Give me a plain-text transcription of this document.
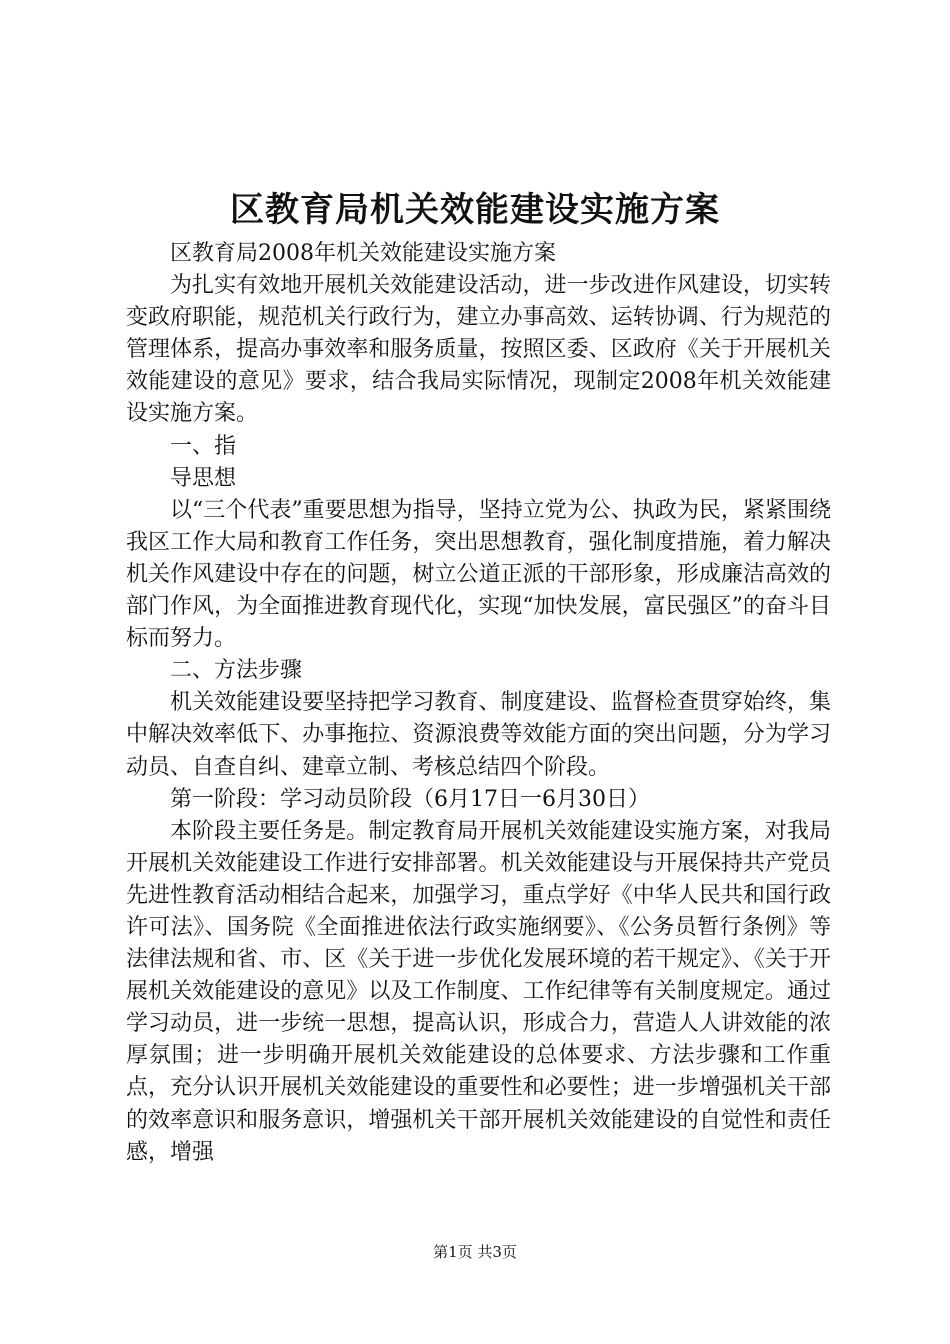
区教育局机关效能建设实施方案

区教育局2008年机关效能建设实施方案

为扎实有效地开展机关效能建设活动，进一步改进作风建设，切实转变政府职能，规范机关行政行为，建立办事高效、运转协调、行为规范的管理体系，提高办事效率和服务质量，按照区委、区政府《关于开展机关效能建设的意见》要求，结合我局实际情况，现制定2008年机关效能建设实施方案。

一、指

导思想

以“三个代表”重要思想为指导，坚持立党为公、执政为民，紧紧围绕我区工作大局和教育工作任务，突出思想教育，强化制度措施，着力解决机关作风建设中存在的问题，树立公道正派的干部形象，形成廉洁高效的部门作风，为全面推进教育现代化，实现“加快发展，富民强区”的奋斗目标而努力。

二、方法步骤

机关效能建设要坚持把学习教育、制度建设、监督检查贯穿始终，集中解决效率低下、办事拖拉、资源浪费等效能方面的突出问题，分为学习动员、自查自纠、建章立制、考核总结四个阶段。

第一阶段：学习动员阶段（6月17日一6月30日）

本阶段主要任务是。制定教育局开展机关效能建设实施方案，对我局开展机关效能建设工作进行安排部署。机关效能建设与开展保持共产党员先进性教育活动相结合起来，加强学习，重点学好《中华人民共和国行政许可法》、国务院《全面推进依法行政实施纲要》、《公务员暂行条例》等法律法规和省、市、区《关于进一步优化发展环境的若干规定》、《关于开展机关效能建设的意见》以及工作制度、工作纪律等有关制度规定。通过学习动员，进一步统一思想，提高认识，形成合力，营造人人讲效能的浓厚氛围；进一步明确开展机关效能建设的总体要求、方法步骤和工作重点，充分认识开展机关效能建设的重要性和必要性；进一步增强机关干部的效率意识和服务意识，增强机关干部开展机关效能建设的自觉性和责任感，增强

第1页 共3页
